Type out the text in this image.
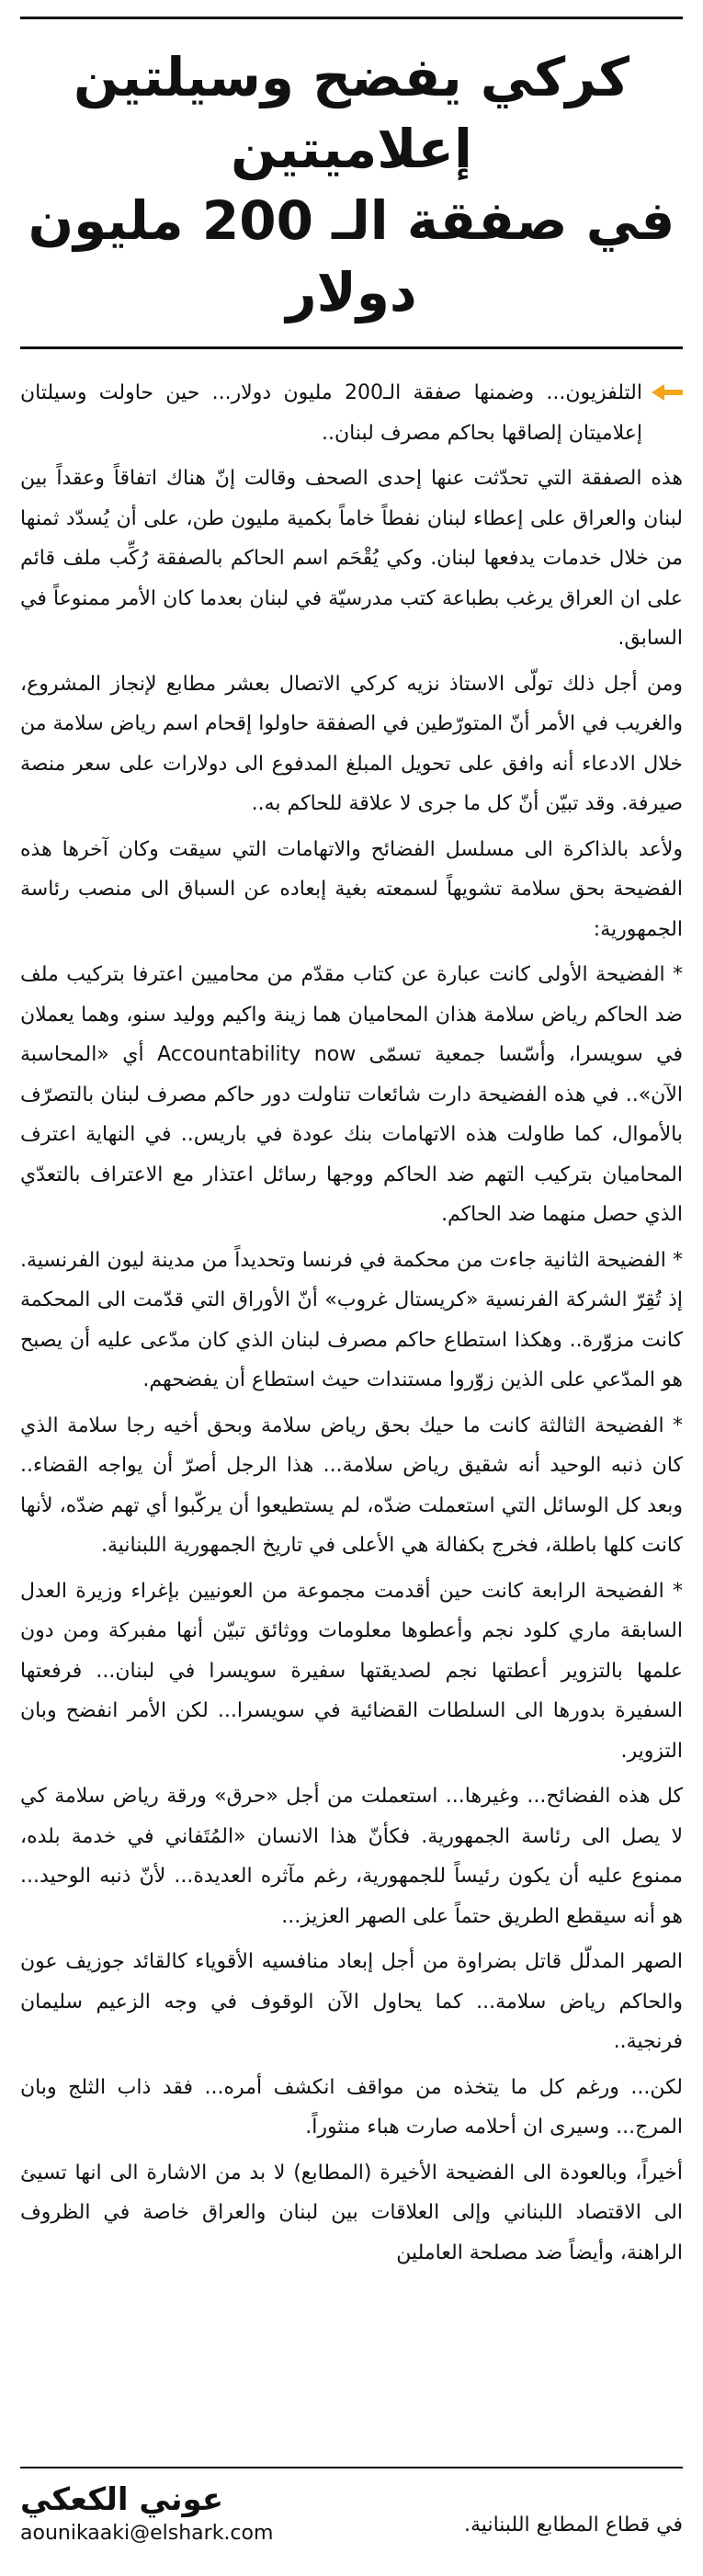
كركي يفضح وسيلتين إعلاميتين
في صفقة الـ 200 مليون دولار
التلفزيون... وضمنها صفقة الـ200 مليون دولار... حين حاولت وسيلتان إعلاميتان إلصاقها بحاكم مصرف لبنان..

هذه الصفقة التي تحدّثت عنها إحدى الصحف وقالت إنّ هناك اتفاقاً وعقداً بين لبنان والعراق على إعطاء لبنان نفطاً خاماً بكمية مليون طن، على أن يُسدّد ثمنها من خلال خدمات يدفعها لبنان. وكي يُقْحَم اسم الحاكم بالصفقة رُكِّب ملف قائم على ان العراق يرغب بطباعة كتب مدرسيّة في لبنان بعدما كان الأمر ممنوعاً في السابق.

ومن أجل ذلك تولّى الاستاذ نزيه كركي الاتصال بعشر مطابع لإنجاز المشروع، والغريب في الأمر أنّ المتورّطين في الصفقة حاولوا إقحام اسم رياض سلامة من خلال الادعاء أنه وافق على تحويل المبلغ المدفوع الى دولارات على سعر منصة صيرفة. وقد تبيّن أنّ كل ما جرى لا علاقة للحاكم به..

ولأعد بالذاكرة الى مسلسل الفضائح والاتهامات التي سيقت وكان آخرها هذه الفضيحة بحق سلامة تشويهاً لسمعته بغية إبعاده عن السباق الى منصب رئاسة الجمهورية:

* الفضيحة الأولى كانت عبارة عن كتاب مقدّم من محاميين اعترفا بتركيب ملف ضد الحاكم رياض سلامة هذان المحاميان هما زينة واكيم ووليد سنو، وهما يعملان في سويسرا، وأسّسا جمعية تسمّى Accountability now أي «المحاسبة الآن».. في هذه الفضيحة دارت شائعات تناولت دور حاكم مصرف لبنان بالتصرّف بالأموال، كما طاولت هذه الاتهامات بنك عودة في باريس.. في النهاية اعترف المحاميان بتركيب التهم ضد الحاكم ووجها رسائل اعتذار مع الاعتراف بالتعدّي الذي حصل منهما ضد الحاكم.

* الفضيحة الثانية جاءت من محكمة في فرنسا وتحديداً من مدينة ليون الفرنسية. إذ تُقِرّ الشركة الفرنسية «كريستال غروب» أنّ الأوراق التي قدّمت الى المحكمة كانت مزوّرة.. وهكذا استطاع حاكم مصرف لبنان الذي كان مدّعى عليه أن يصبح هو المدّعي على الذين زوّروا مستندات حيث استطاع أن يفضحهم.

* الفضيحة الثالثة كانت ما حيك بحق رياض سلامة وبحق أخيه رجا سلامة الذي كان ذنبه الوحيد أنه شقيق رياض سلامة... هذا الرجل أصرّ أن يواجه القضاء.. وبعد كل الوسائل التي استعملت ضدّه، لم يستطيعوا أن يركّبوا أي تهم ضدّه، لأنها كانت كلها باطلة، فخرج بكفالة هي الأعلى في تاريخ الجمهورية اللبنانية.

* الفضيحة الرابعة كانت حين أقدمت مجموعة من العونيين بإغراء وزيرة العدل السابقة ماري كلود نجم وأعطوها معلومات ووثائق تبيّن أنها مفبركة ومن دون علمها بالتزوير أعطتها نجم لصديقتها سفيرة سويسرا في لبنان... فرفعتها السفيرة بدورها الى السلطات القضائية في سويسرا... لكن الأمر انفضح وبان التزوير.

كل هذه الفضائح... وغيرها... استعملت من أجل «حرق» ورقة رياض سلامة كي لا يصل الى رئاسة الجمهورية. فكأنّ هذا الانسان «المُتَفاني في خدمة بلده، ممنوع عليه أن يكون رئيساً للجمهورية، رغم مآثره العديدة... لأنّ ذنبه الوحيد... هو أنه سيقطع الطريق حتماً على الصهر العزيز...

الصهر المدلّل قاتل بضراوة من أجل إبعاد منافسيه الأقوياء كالقائد جوزيف عون والحاكم رياض سلامة... كما يحاول الآن الوقوف في وجه الزعيم سليمان فرنجية..

لكن... ورغم كل ما يتخذه من مواقف انكشف أمره... فقد ذاب الثلج وبان المرج... وسيرى ان أحلامه صارت هباء منثوراً.

أخيراً، وبالعودة الى الفضيحة الأخيرة (المطابع) لا بد من الاشارة الى انها تسيئ الى الاقتصاد اللبناني وإلى العلاقات بين لبنان والعراق خاصة في الظروف الراهنة، وأيضاً ضد مصلحة العاملين

عوني الكعكي
aounikaaki@elshark.com	في قطاع المطابع اللبنانية.
